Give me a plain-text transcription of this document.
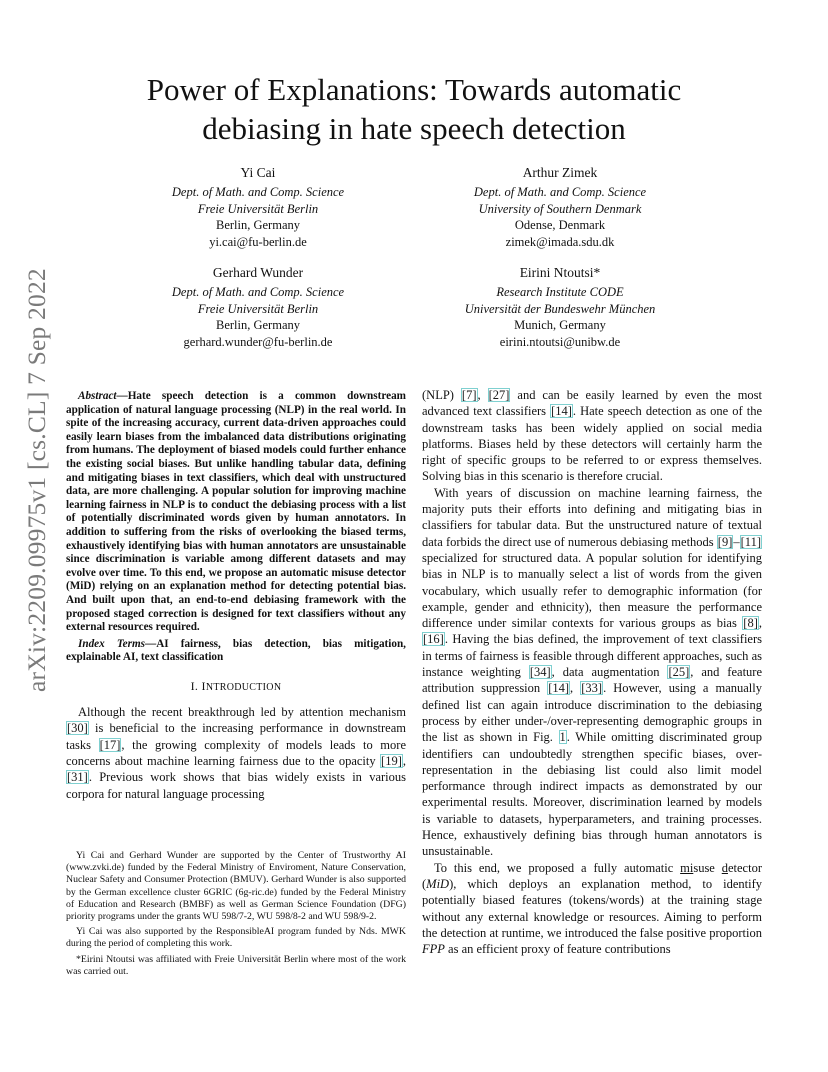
arXiv:2209.09975v1 [cs.CL] 7 Sep 2022
Power of Explanations: Towards automatic
debiasing in hate speech detection
Yi Cai
Dept. of Math. and Comp. Science
Freie Universität Berlin
Berlin, Germany
yi.cai@fu-berlin.de
Arthur Zimek
Dept. of Math. and Comp. Science
University of Southern Denmark
Odense, Denmark
zimek@imada.sdu.dk
Gerhard Wunder
Dept. of Math. and Comp. Science
Freie Universität Berlin
Berlin, Germany
gerhard.wunder@fu-berlin.de
Eirini Ntoutsi*
Research Institute CODE
Universität der Bundeswehr München
Munich, Germany
eirini.ntoutsi@unibw.de

Abstract—Hate speech detection is a common downstream application of natural language processing (NLP) in the real world. In spite of the increasing accuracy, current data-driven approaches could easily learn biases from the imbalanced data distributions originating from humans. The deployment of biased models could further enhance the existing social biases. But unlike handling tabular data, defining and mitigating biases in text classifiers, which deal with unstructured data, are more challenging. A popular solution for improving machine learning fairness in NLP is to conduct the debiasing process with a list of potentially discriminated words given by human annotators. In addition to suffering from the risks of overlooking the biased terms, exhaustively identifying bias with human annotators are unsustainable since discrimination is variable among different datasets and may evolve over time. To this end, we propose an automatic misuse detector (MiD) relying on an explanation method for detecting potential bias. And built upon that, an end-to-end debiasing framework with the proposed staged correction is designed for text classifiers without any external resources required.

Index Terms—AI fairness, bias detection, bias mitigation, explainable AI, text classification

I. INTRODUCTION

Although the recent breakthrough led by attention mechanism [30] is beneficial to the increasing performance in downstream tasks [17], the growing complexity of models leads to more concerns about machine learning fairness due to the opacity [19], [31]. Previous work shows that bias widely exists in various corpora for natural language processing

Yi Cai and Gerhard Wunder are supported by the Center of Trustworthy AI (www.zvki.de) funded by the Federal Ministry of Enviroment, Nature Conservation, Nuclear Safety and Consumer Protection (BMUV). Gerhard Wunder is also supported by the German excellence cluster 6GRIC (6g-ric.de) funded by the Federal Ministry of Education and Research (BMBF) as well as German Science Foundation (DFG) priority programs under the grants WU 598/7-2, WU 598/8-2 and WU 598/9-2.

Yi Cai was also supported by the ResponsibleAI program funded by Nds. MWK during the period of completing this work.

*Eirini Ntoutsi was affiliated with Freie Universität Berlin where most of the work was carried out.

(NLP) [7], [27] and can be easily learned by even the most advanced text classifiers [14]. Hate speech detection as one of the downstream tasks has been widely applied on social media platforms. Biases held by these detectors will certainly harm the right of specific groups to be referred to or express themselves. Solving bias in this scenario is therefore crucial.

With years of discussion on machine learning fairness, the majority puts their efforts into defining and mitigating bias in classifiers for tabular data. But the unstructured nature of textual data forbids the direct use of numerous debiasing methods [9]–[11] specialized for structured data. A popular solution for identifying bias in NLP is to manually select a list of words from the given vocabulary, which usually refer to demographic information (for example, gender and ethnicity), then measure the performance difference under similar contexts for various groups as bias [8], [16]. Having the bias defined, the improvement of text classifiers in terms of fairness is feasible through different approaches, such as instance weighting [34], data augmentation [25], and feature attribution suppression [14], [33]. However, using a manually defined list can again introduce discrimination to the debiasing process by either under-/over-representing demographic groups in the list as shown in Fig. 1. While omitting discriminated group identifiers can undoubtedly strengthen specific biases, over-representation in the debiasing list could also limit model performance through indirect impacts as demonstrated by our experimental results. Moreover, discrimination learned by models is variable to datasets, hyperparameters, and training processes. Hence, exhaustively defining bias through human annotators is unsustainable.

To this end, we proposed a fully automatic misuse detector (MiD), which deploys an explanation method, to identify potentially biased features (tokens/words) at the training stage without any external knowledge or resources. Aiming to perform the detection at runtime, we introduced the false positive proportion FPP as an efficient proxy of feature contributions
